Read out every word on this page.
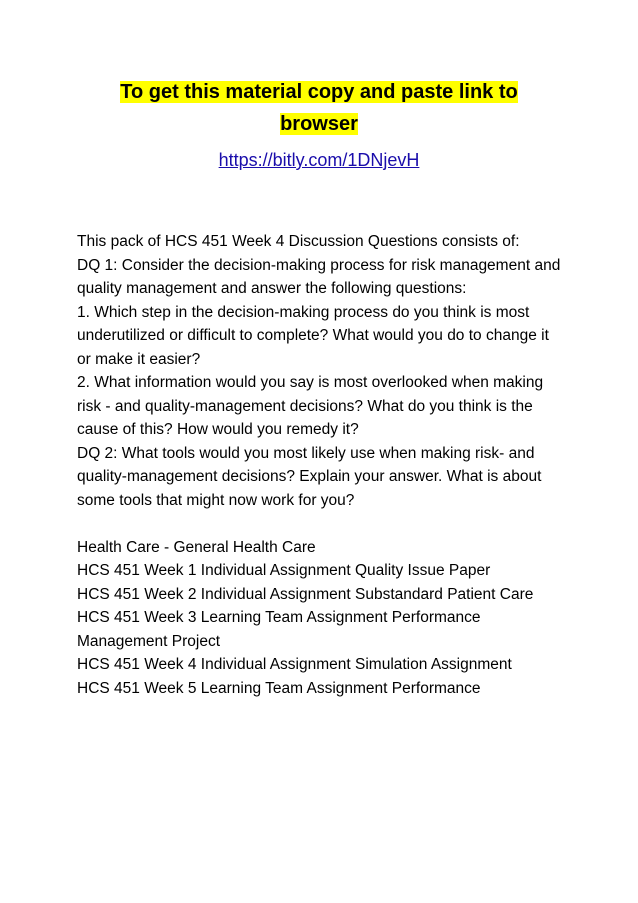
To get this material copy and paste link to
browser

https://bitly.com/1DNjevH

This pack of HCS 451 Week 4 Discussion Questions consists of:

DQ 1: Consider the decision-making process for risk management and quality management and answer the following questions:

1. Which step in the decision-making process do you think is most underutilized or difficult to complete? What would you do to change it or make it easier?

2. What information would you say is most overlooked when making risk - and quality-management decisions? What do you think is the cause of this? How would you remedy it?

DQ 2: What tools would you most likely use when making risk- and quality-management decisions? Explain your answer. What is about some tools that might now work for you?

Health Care - General Health Care

HCS 451 Week 1 Individual Assignment Quality Issue Paper

HCS 451 Week 2 Individual Assignment Substandard Patient Care

HCS 451 Week 3 Learning Team Assignment Performance Management Project

HCS 451 Week 4 Individual Assignment Simulation Assignment

HCS 451 Week 5 Learning Team Assignment Performance
